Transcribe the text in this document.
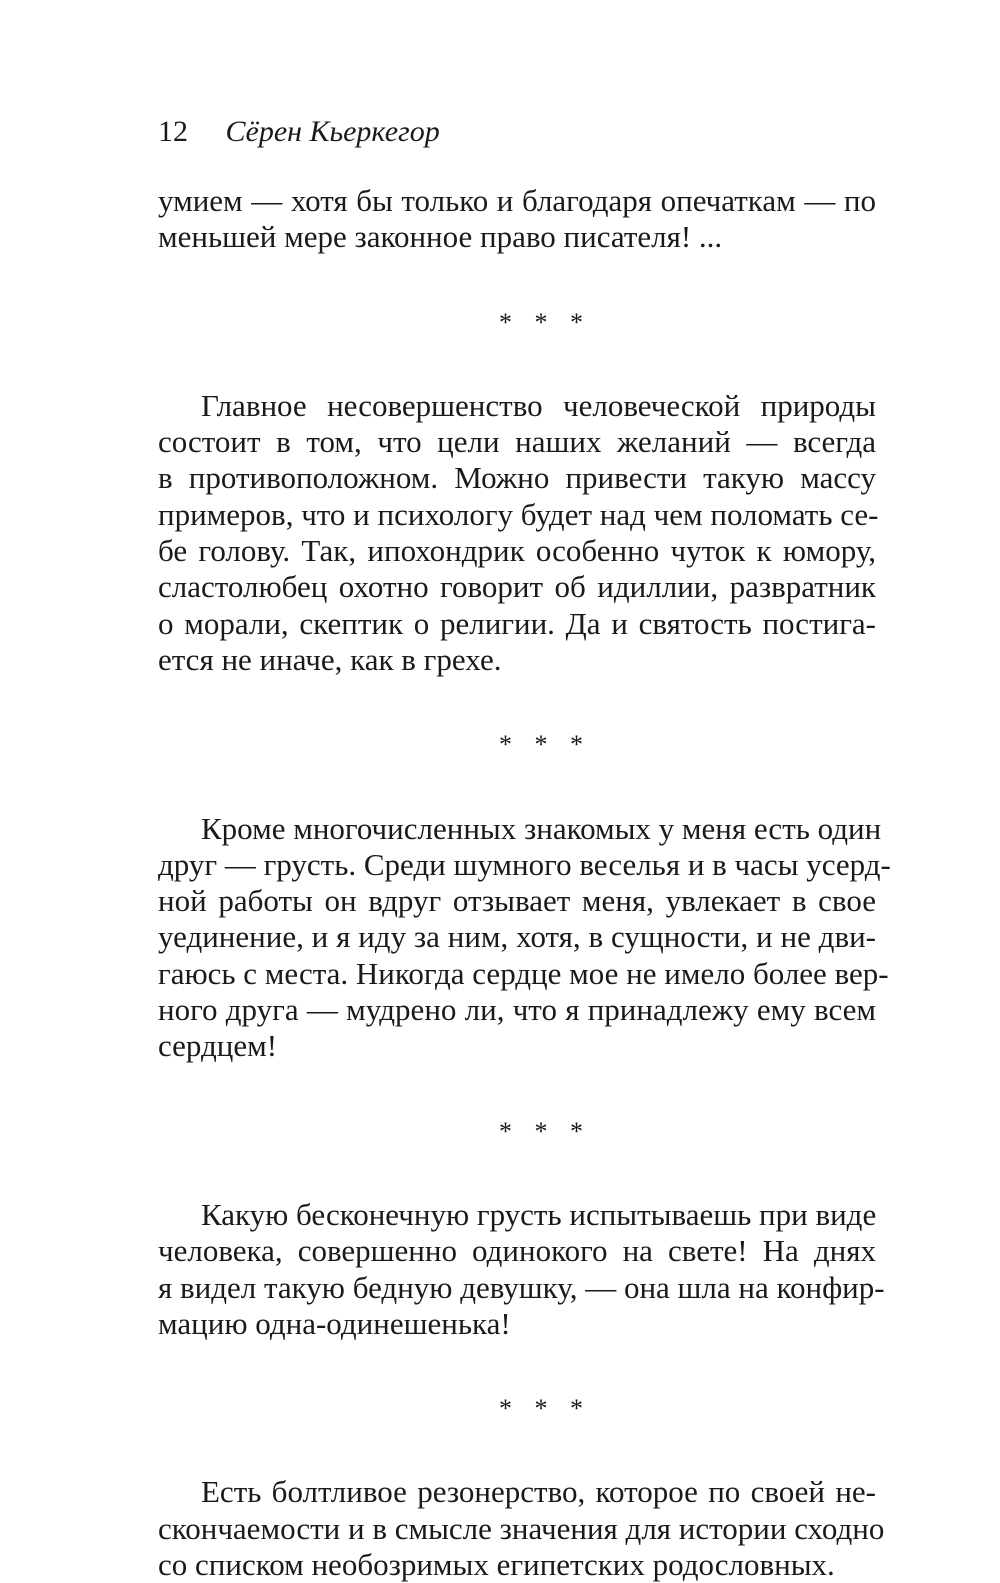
12 Сёрен Кьеркегор
умием — хотя бы только и благодаря опечаткам — по
меньшей мере законное право писателя! ...
* * *
Главное несовершенство человеческой природы
состоит в том, что цели наших желаний — всегда
в противоположном. Можно привести такую массу
примеров, что и психологу будет над чем поломать се-
бе голову. Так, ипохондрик особенно чуток к юмору,
сластолюбец охотно говорит об идиллии, развратник
о морали, скептик о религии. Да и святость постига-
ется не иначе, как в грехе.
* * *
Кроме многочисленных знакомых у меня есть один
друг — грусть. Среди шумного веселья и в часы усерд-
ной работы он вдруг отзывает меня, увлекает в свое
уединение, и я иду за ним, хотя, в сущности, и не дви-
гаюсь с места. Никогда сердце мое не имело более вер-
ного друга — мудрено ли, что я принадлежу ему всем
сердцем!
* * *
Какую бесконечную грусть испытываешь при виде
человека, совершенно одинокого на свете! На днях
я видел такую бедную девушку, — она шла на конфир-
мацию одна-одинешенька!
* * *
Есть болтливое резонерство, которое по своей не-
скончаемости и в смысле значения для истории сходно
со списком необозримых египетских родословных.
